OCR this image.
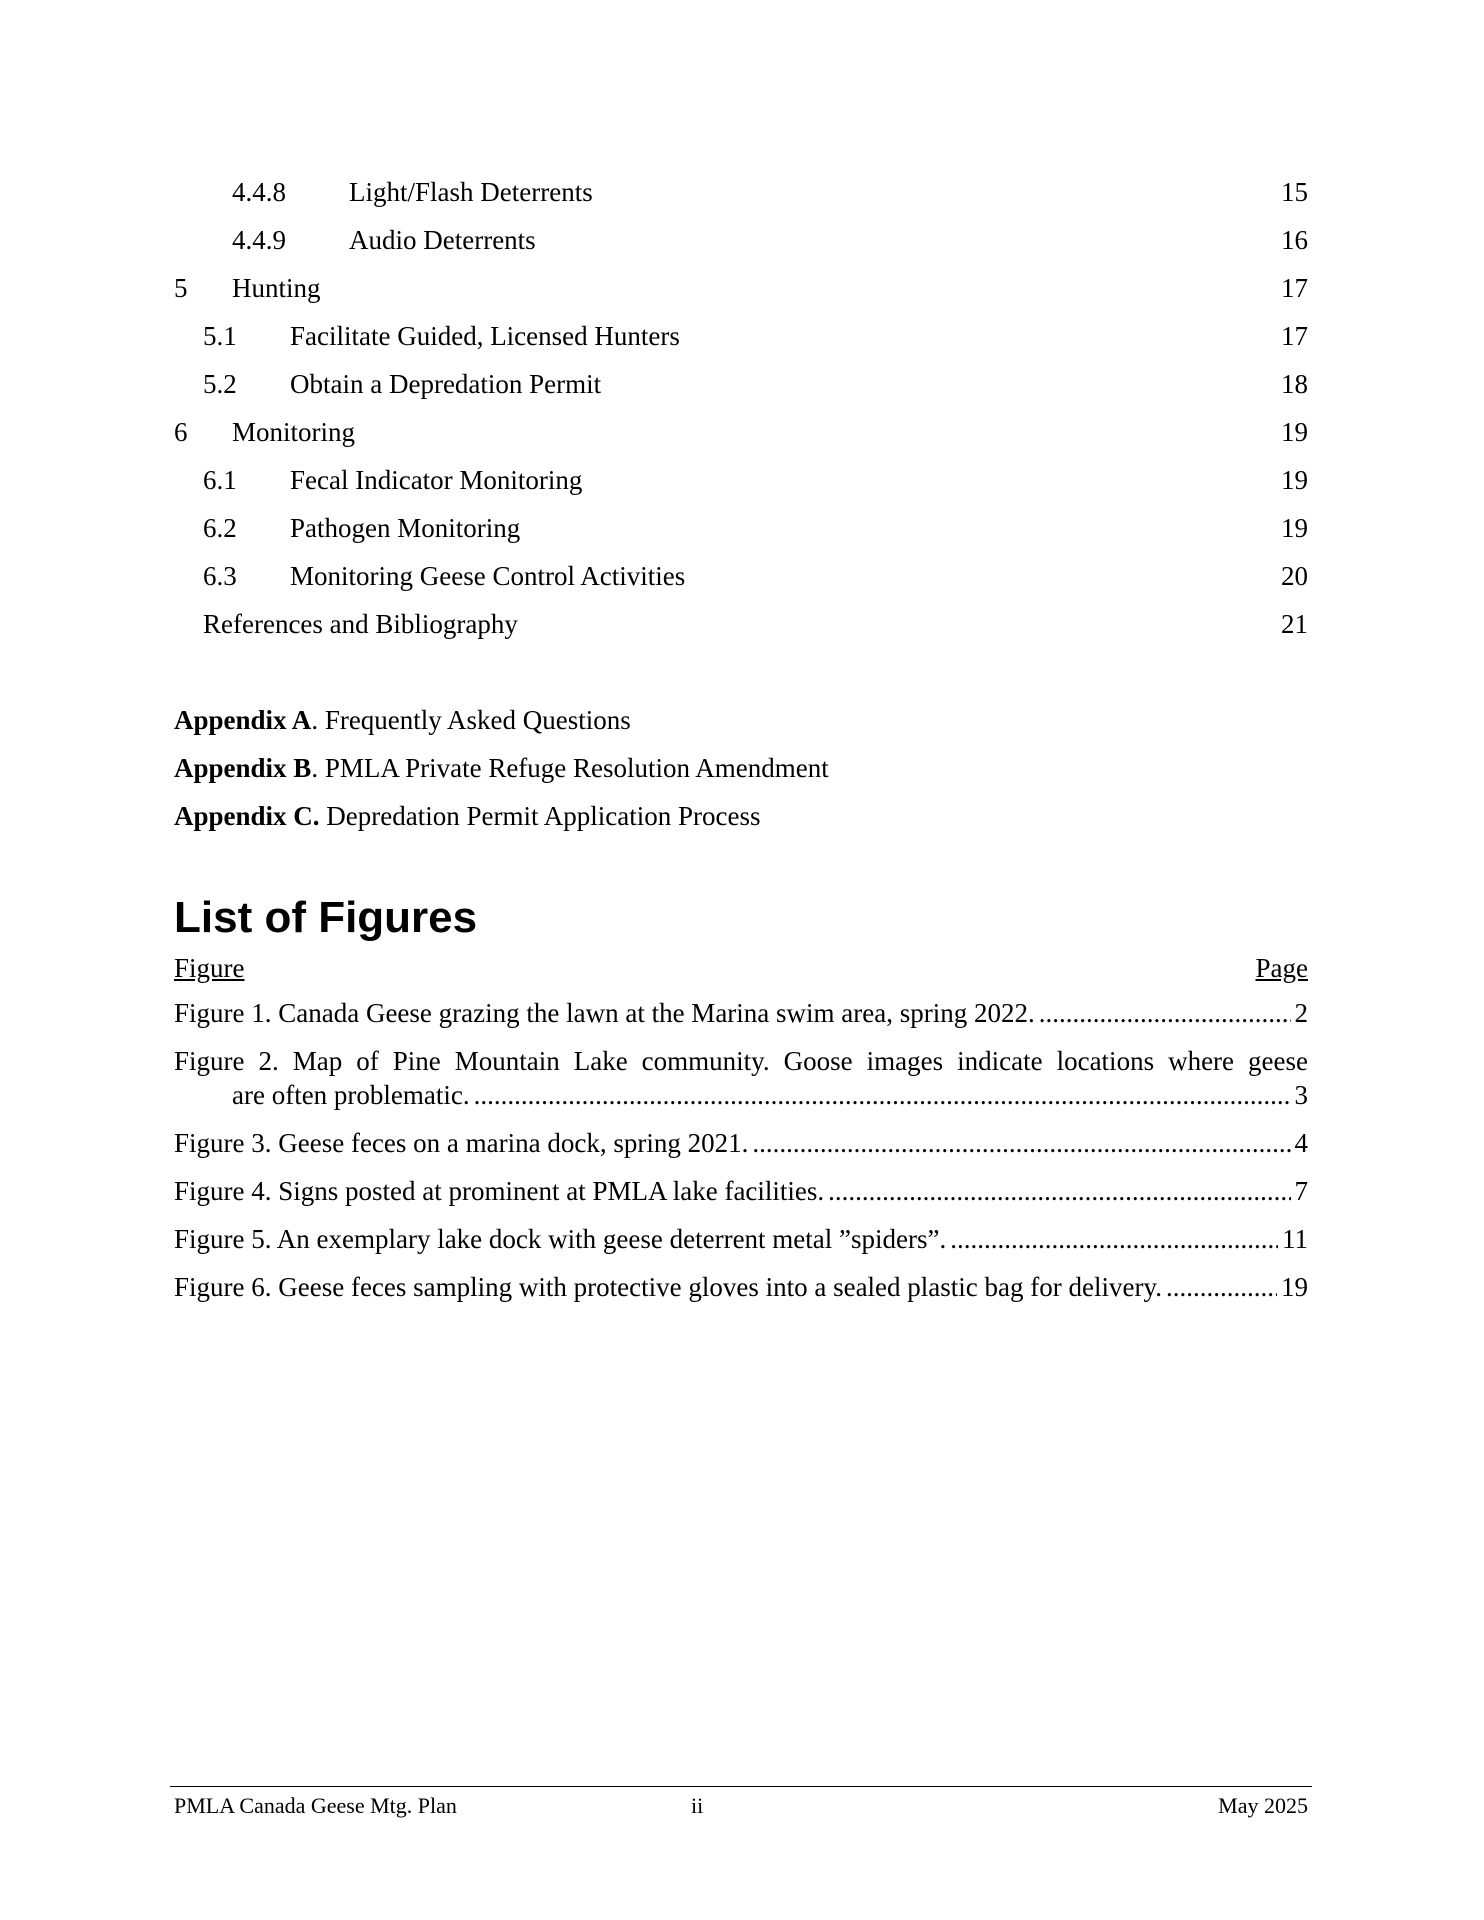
4.4.8 Light/Flash Deterrents	15
4.4.9 Audio Deterrents	16
5 Hunting	17
5.1 Facilitate Guided, Licensed Hunters	17
5.2 Obtain a Depredation Permit	18
6 Monitoring	19
6.1 Fecal Indicator Monitoring	19
6.2 Pathogen Monitoring	19
6.3 Monitoring Geese Control Activities	20
References and Bibliography	21
Appendix A. Frequently Asked Questions
Appendix B. PMLA Private Refuge Resolution Amendment
Appendix C. Depredation Permit Application Process
List of Figures
Figure	Page
Figure 1. Canada Geese grazing the lawn at the Marina swim area, spring 2022. .....	2
Figure 2. Map of Pine Mountain Lake community. Goose images indicate locations where geese
are often problematic. .....	3
Figure 3. Geese feces on a marina dock, spring 2021. .....	4
Figure 4. Signs posted at prominent at PMLA lake facilities. .....	7
Figure 5. An exemplary lake dock with geese deterrent metal ”spiders”. .....	11
Figure 6. Geese feces sampling with protective gloves into a sealed plastic bag for delivery. .....	19
PMLA Canada Geese Mtg. Plan	ii	May 2025
